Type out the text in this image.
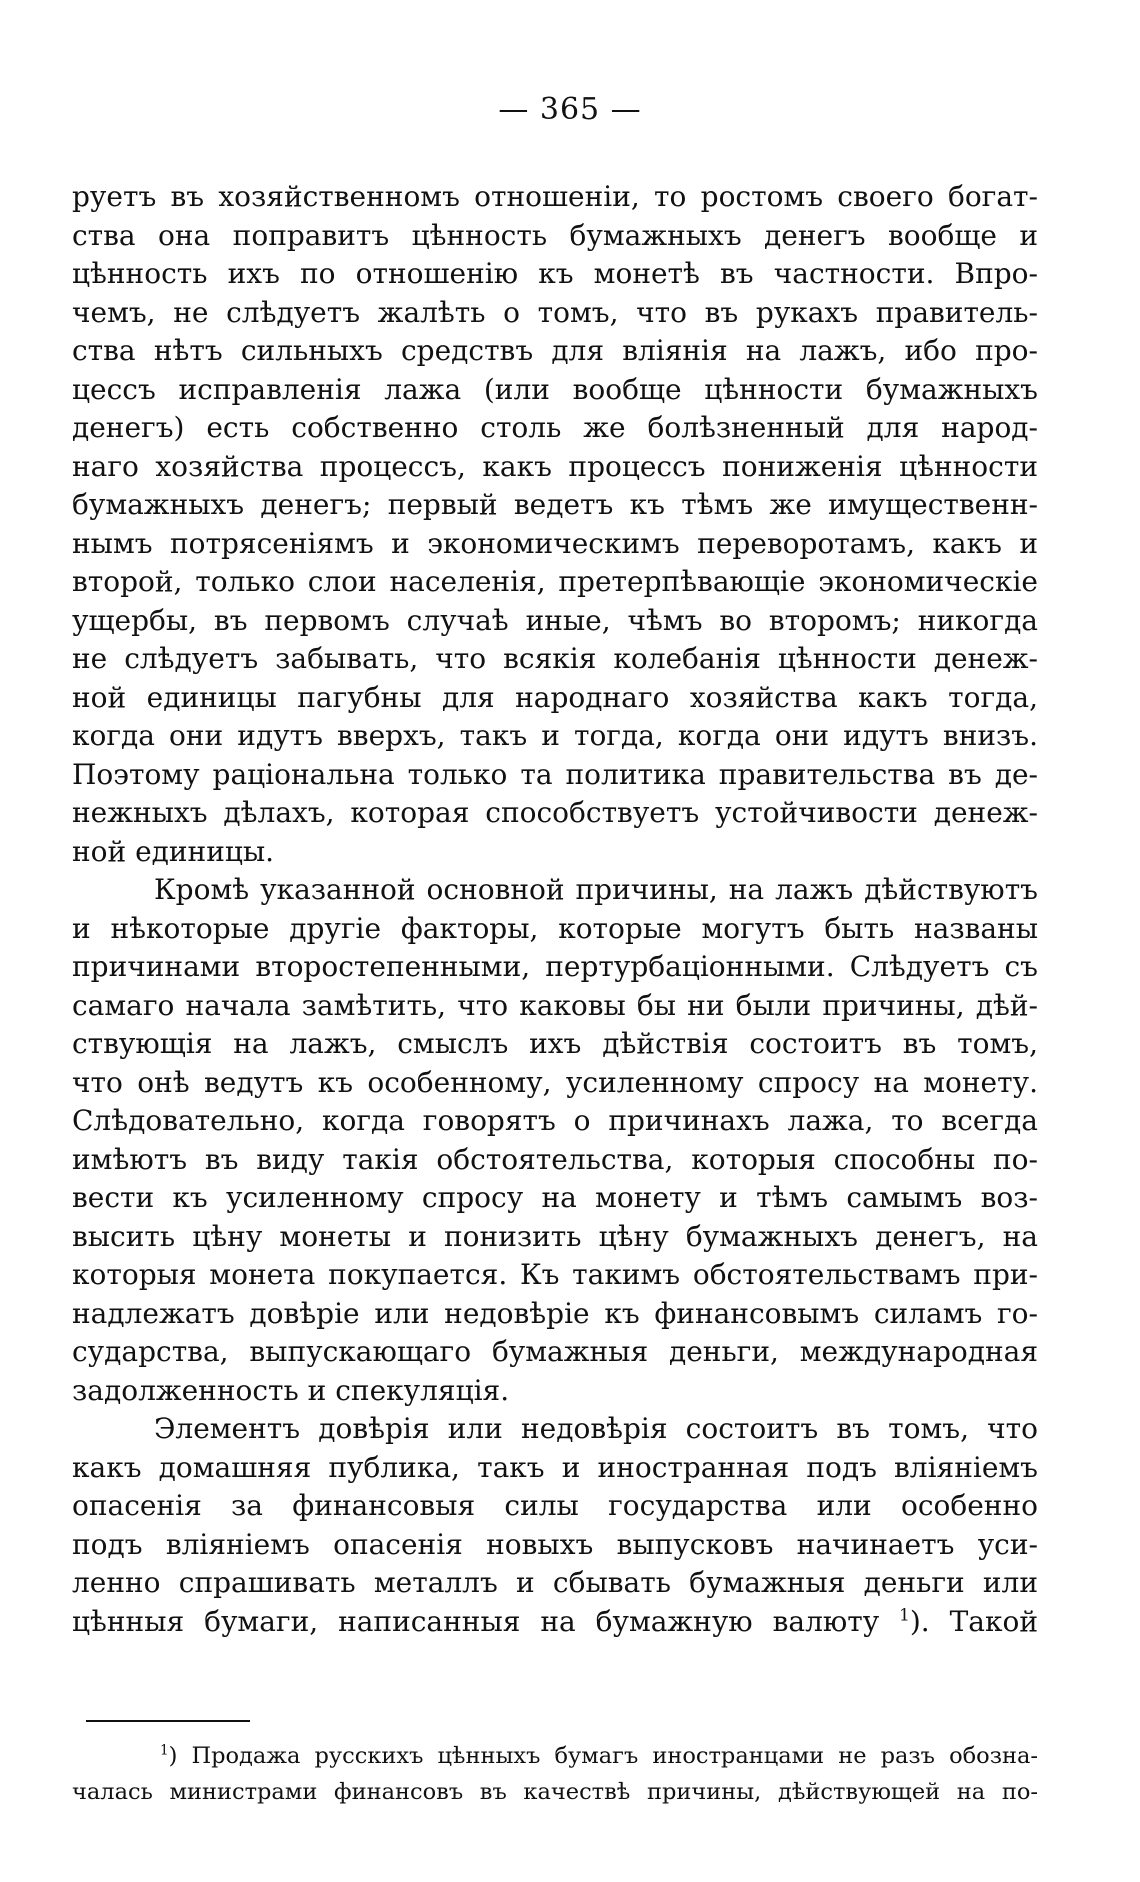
— 365 —
руетъ въ хозяйственномъ отношеніи, то ростомъ своего богат-
ства она поправитъ цѣнность бумажныхъ денегъ вообще и
цѣнность ихъ по отношенію къ монетѣ въ частности. Впро-
чемъ, не слѣдуетъ жалѣть о томъ, что въ рукахъ правитель-
ства нѣтъ сильныхъ средствъ для вліянія на лажъ, ибо про-
цессъ исправленія лажа (или вообще цѣнности бумажныхъ
денегъ) есть собственно столь же болѣзненный для народ-
наго хозяйства процессъ, какъ процессъ пониженія цѣнности
бумажныхъ денегъ; первый ведетъ къ тѣмъ же имущественн-
нымъ потрясеніямъ и экономическимъ переворотамъ, какъ и
второй, только слои населенія, претерпѣвающіе экономическіе
ущербы, въ первомъ случаѣ иные, чѣмъ во второмъ; никогда
не слѣдуетъ забывать, что всякія колебанія цѣнности денеж-
ной единицы пагубны для народнаго хозяйства какъ тогда,
когда они идутъ вверхъ, такъ и тогда, когда они идутъ внизъ.
Поэтому раціональна только та политика правительства въ де-
нежныхъ дѣлахъ, которая способствуетъ устойчивости денеж-
ной единицы.
Кромѣ указанной основной причины, на лажъ дѣйствуютъ
и нѣкоторые другіе факторы, которые могутъ быть названы
причинами второстепенными, пертурбаціонными. Слѣдуетъ съ
самаго начала замѣтить, что каковы бы ни были причины, дѣй-
ствующія на лажъ, смыслъ ихъ дѣйствія состоитъ въ томъ,
что онѣ ведутъ къ особенному, усиленному спросу на монету.
Слѣдовательно, когда говорятъ о причинахъ лажа, то всегда
имѣютъ въ виду такія обстоятельства, которыя способны по-
вести къ усиленному спросу на монету и тѣмъ самымъ воз-
высить цѣну монеты и понизить цѣну бумажныхъ денегъ, на
которыя монета покупается. Къ такимъ обстоятельствамъ при-
надлежатъ довѣріе или недовѣріе къ финансовымъ силамъ го-
сударства, выпускающаго бумажныя деньги, международная
задолженность и спекуляція.
Элементъ довѣрія или недовѣрія состоитъ въ томъ, что
какъ домашняя публика, такъ и иностранная подъ вліяніемъ
опасенія за финансовыя силы государства или особенно
подъ вліяніемъ опасенія новыхъ выпусковъ начинаетъ уси-
ленно спрашивать металлъ и сбывать бумажныя деньги или
цѣнныя бумаги, написанныя на бумажную валюту $^1$). Такой
$^1$) Продажа русскихъ цѣнныхъ бумагъ иностранцами не разъ обозна-
чалась министрами финансовъ въ качествѣ причины, дѣйствующей на по-
